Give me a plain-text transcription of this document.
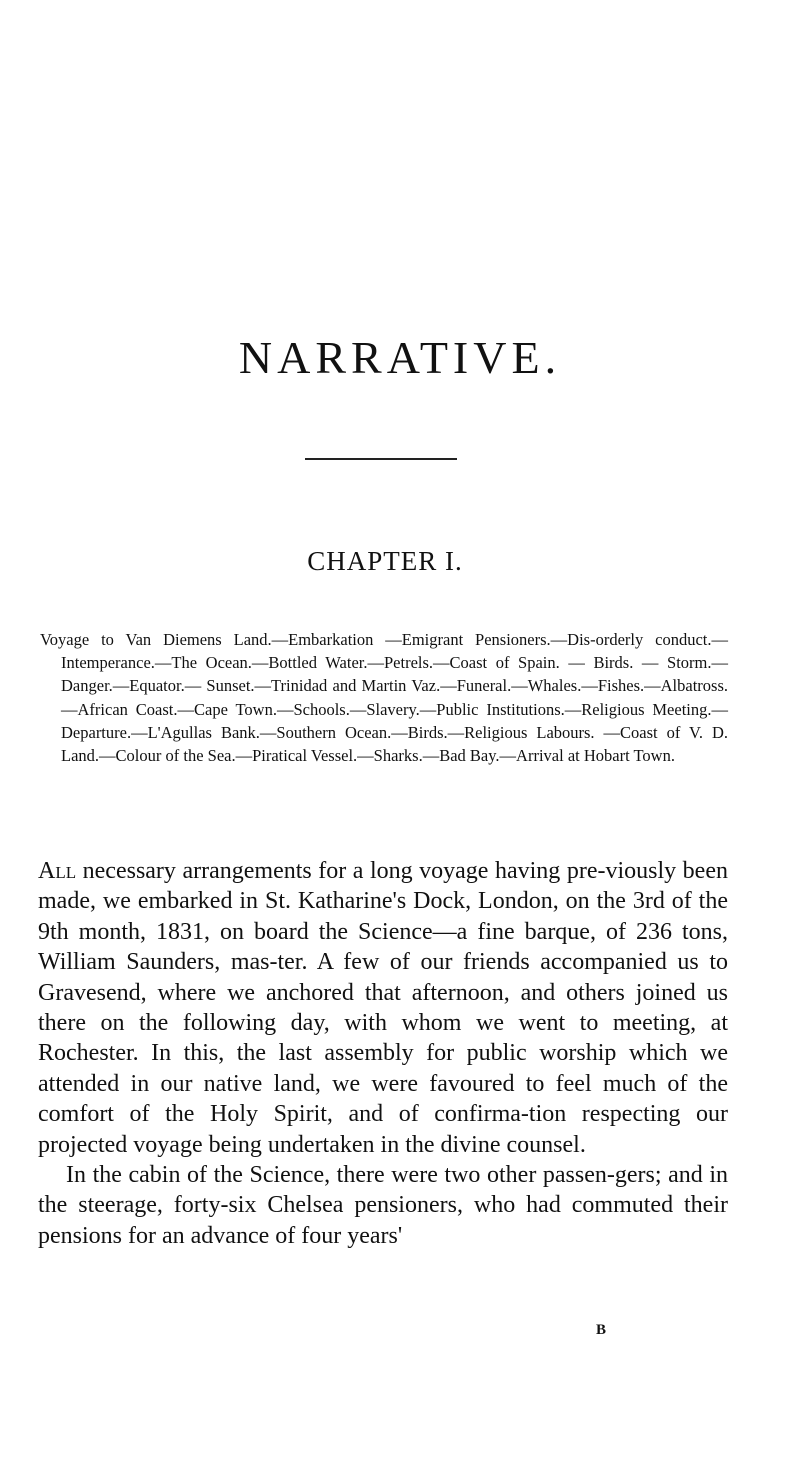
NARRATIVE.
CHAPTER I.

Voyage to Van Diemens Land.—Embarkation —Emigrant Pensioners.—Dis-orderly conduct.—Intemperance.—The Ocean.—Bottled Water.—Petrels.—Coast of Spain. — Birds. — Storm.—Danger.—Equator.— Sunset.—Trinidad and Martin Vaz.—Funeral.—Whales.—Fishes.—Albatross.—African Coast.—Cape Town.—Schools.—Slavery.—Public Institutions.—Religious Meeting.—Departure.—L'Agullas Bank.—Southern Ocean.—Birds.—Religious Labours. —Coast of V. D. Land.—Colour of the Sea.—Piratical Vessel.—Sharks.—Bad Bay.—Arrival at Hobart Town.

All necessary arrangements for a long voyage having pre-viously been made, we embarked in St. Katharine's Dock, London, on the 3rd of the 9th month, 1831, on board the Science—a fine barque, of 236 tons, William Saunders, mas-ter. A few of our friends accompanied us to Gravesend, where we anchored that afternoon, and others joined us there on the following day, with whom we went to meeting, at Rochester. In this, the last assembly for public worship which we attended in our native land, we were favoured to feel much of the comfort of the Holy Spirit, and of confirma-tion respecting our projected voyage being undertaken in the divine counsel.

In the cabin of the Science, there were two other passen-gers; and in the steerage, forty-six Chelsea pensioners, who had commuted their pensions for an advance of four years'

B
